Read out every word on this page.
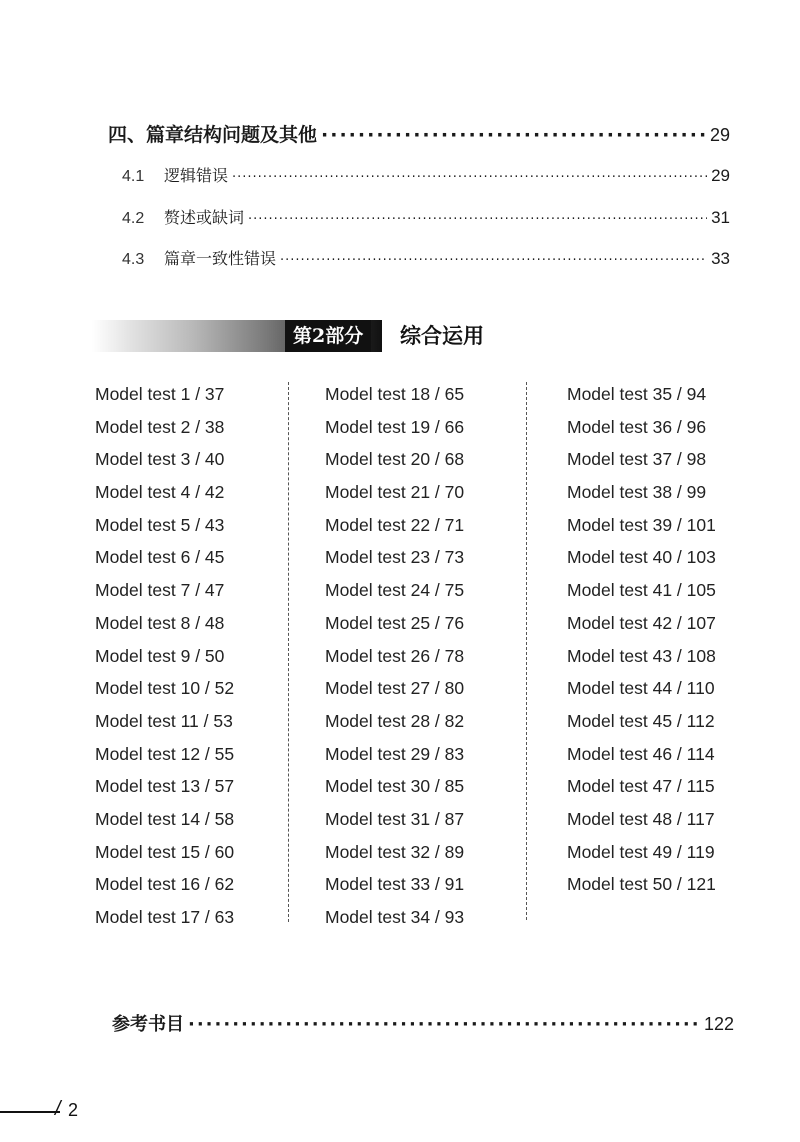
四、篇章结构问题及其他 ·····	29
4.1	逻辑错误 ·····	29
4.2	赘述或缺词 ·····	31
4.3	篇章一致性错误 ·····	33
第2部分	综合运用
Model test 1 / 37
Model test 2 / 38
Model test 3 / 40
Model test 4 / 42
Model test 5 / 43
Model test 6 / 45
Model test 7 / 47
Model test 8 / 48
Model test 9 / 50
Model test 10 / 52
Model test 11 / 53
Model test 12 / 55
Model test 13 / 57
Model test 14 / 58
Model test 15 / 60
Model test 16 / 62
Model test 17 / 63
Model test 18 / 65
Model test 19 / 66
Model test 20 / 68
Model test 21 / 70
Model test 22 / 71
Model test 23 / 73
Model test 24 / 75
Model test 25 / 76
Model test 26 / 78
Model test 27 / 80
Model test 28 / 82
Model test 29 / 83
Model test 30 / 85
Model test 31 / 87
Model test 32 / 89
Model test 33 / 91
Model test 34 / 93
Model test 35 / 94
Model test 36 / 96
Model test 37 / 98
Model test 38 / 99
Model test 39 / 101
Model test 40 / 103
Model test 41 / 105
Model test 42 / 107
Model test 43 / 108
Model test 44 / 110
Model test 45 / 112
Model test 46 / 114
Model test 47 / 115
Model test 48 / 117
Model test 49 / 119
Model test 50 / 121
参考书目 ·····	122
/ 2
